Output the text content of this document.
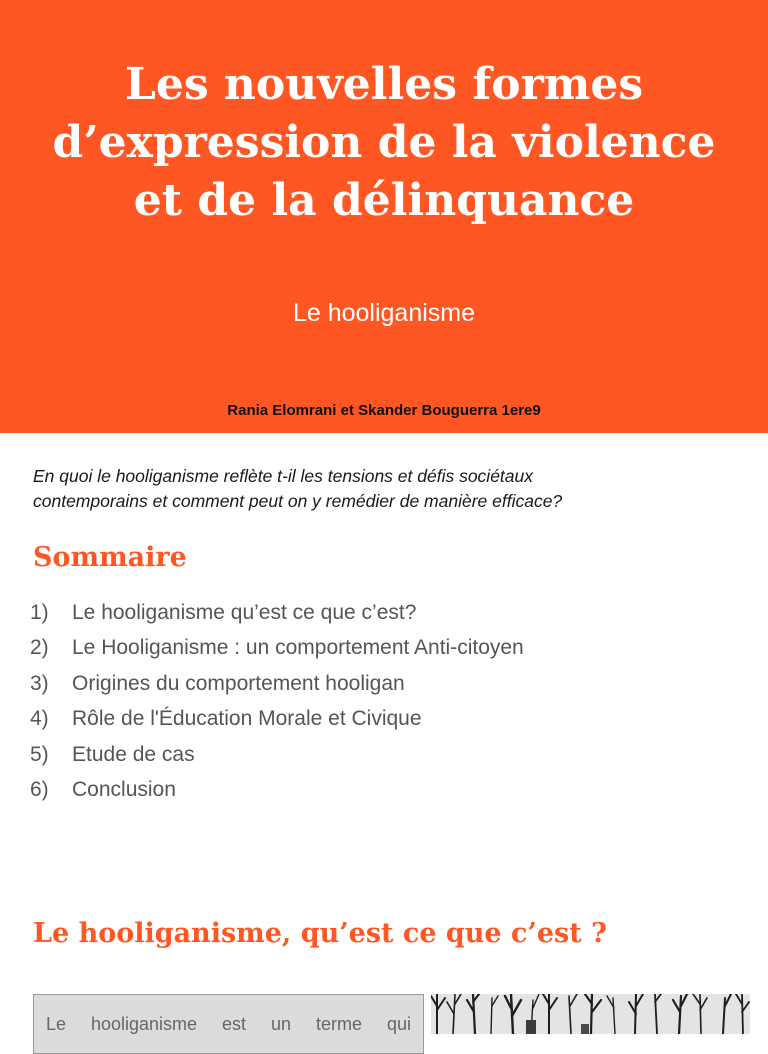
Les nouvelles formes
d’expression de la violence
et de la délinquance
Le hooliganisme
Rania Elomrani et Skander Bouguerra 1ere9

En quoi le hooliganisme reflète t-il les tensions et défis sociétaux
contemporains et comment peut on y remédier de manière efficace?

Sommaire
1)	Le hooliganisme qu’est ce que c’est?
2)	Le Hooliganisme : un comportement Anti-citoyen
3)	Origines du comportement hooligan
4)	Rôle de l'Éducation Morale et Civique
5)	Etude de cas
6)	Conclusion
Le hooliganisme, qu’est ce que c’est ?

Le hooliganisme est un terme qui
